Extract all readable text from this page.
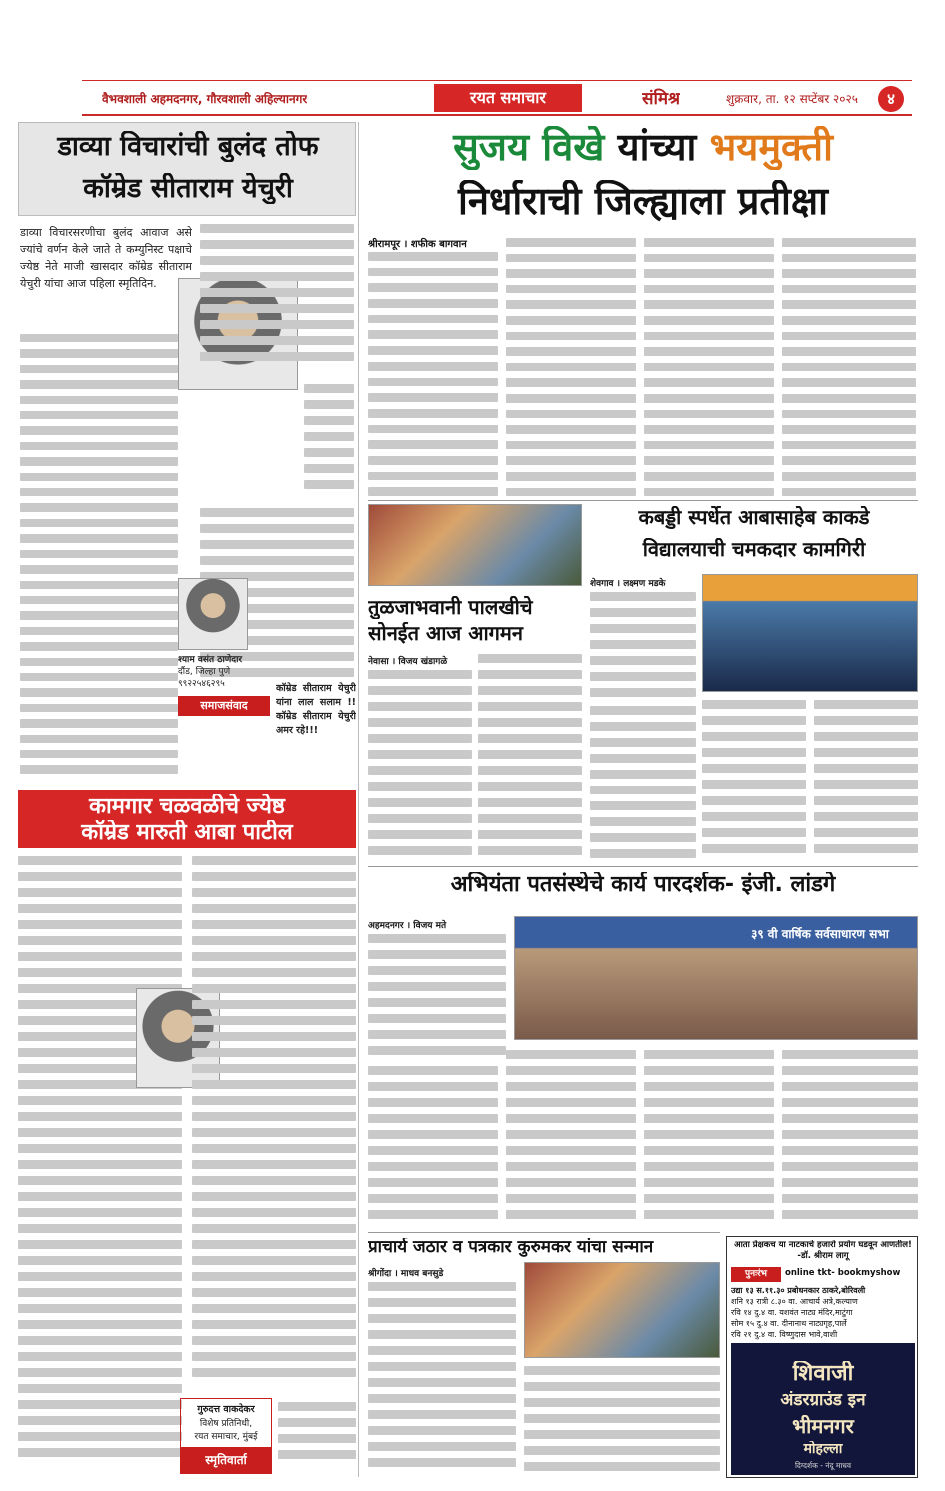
वैभवशाली अहमदनगर, गौरवशाली अहिल्यानगर	रयत समाचार	संमिश्र	शुक्रवार, ता. १२ सप्टेंबर २०२५	४
डाव्या विचारांची बुलंद तोफ
कॉम्रेड सीताराम येचुरी
डाव्या विचारसरणीचा बुलंद आवाज असे ज्यांचे वर्णन केले जाते ते कम्युनिस्ट पक्षाचे ज्येष्ठ नेते माजी खासदार कॉम्रेड सीताराम येचुरी यांचा आज पहिला स्मृतिदिन.
श्याम वसंत ठाणेदार
दौंड, जिल्हा पुणे
९९२२५४६२९५
समाजसंवाद
कॉम्रेड सीताराम येचुरी यांना लाल सलाम !! कॉम्रेड सीताराम येचुरी अमर रहे!!!
सुजय विखे यांच्या भयमुक्ती
निर्धाराची जिल्ह्याला प्रतीक्षा
श्रीरामपूर । शफीक बागवान
तुळजाभवानी पालखीचे
सोनईत आज आगमन
नेवासा । विजय खंडागळे
कबड्डी स्पर्धेत आबासाहेब काकडे
विद्यालयाची चमकदार कामगिरी
शेवगाव । लक्ष्मण मडके
कामगार चळवळीचे ज्येष्ठ
कॉम्रेड मारुती आबा पाटील
गुरुदत्त वाकदेकर
विशेष प्रतिनिधी,
रयत समाचार, मुंबई
स्मृतिवार्ता
अभियंता पतसंस्थेचे कार्य पारदर्शक- इंजी. लांडगे
अहमदनगर । विजय मते
३९ वी वार्षिक सर्वसाधारण सभा
प्राचार्य जठार व पत्रकार कुरुमकर यांचा सन्मान
श्रीगोंदा । माधव बनसुडे
आता प्रेक्षकच या नाटकाचे हजारो प्रयोग घडवून आणतील! -डॉ. श्रीराम लागू
पुनःरंभ	online tkt- bookmyshow
उद्या १३ स.११.३० प्रबोधनकार ठाकरे,बोरिवली
शनि १३ रात्री ८.३० वा. आचार्य अत्रे,कल्याण
रवि १४ दु.४ वा. यशवंत नाट्य मंदिर,माटुंगा
सोम १५ दु.४ वा. दीनानाथ नाट्यगृह,पार्ले
रवि २१ दु.४ वा. विष्णुदास भावे,वाशी
शिवाजी
अंडरग्राउंड इन
भीमनगर
मोहल्ला
दिग्दर्शक - नंदू माधव
